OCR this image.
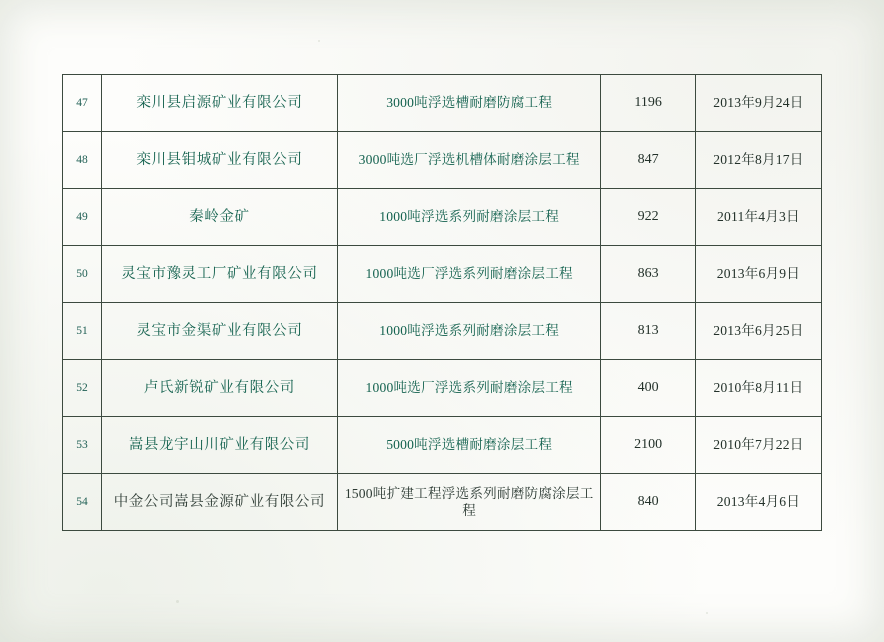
47	栾川县启源矿业有限公司	3000吨浮选槽耐磨防腐工程	1196	2013年9月24日
48	栾川县钼城矿业有限公司	3000吨选厂浮选机槽体耐磨涂层工程	847	2012年8月17日
49	秦岭金矿	1000吨浮选系列耐磨涂层工程	922	2011年4月3日
50	灵宝市豫灵工厂矿业有限公司	1000吨选厂浮选系列耐磨涂层工程	863	2013年6月9日
51	灵宝市金渠矿业有限公司	1000吨浮选系列耐磨涂层工程	813	2013年6月25日
52	卢氏新锐矿业有限公司	1000吨选厂浮选系列耐磨涂层工程	400	2010年8月11日
53	嵩县龙宇山川矿业有限公司	5000吨浮选槽耐磨涂层工程	2100	2010年7月22日
54	中金公司嵩县金源矿业有限公司	1500吨扩建工程浮选系列耐磨防腐涂层工程	840	2013年4月6日
